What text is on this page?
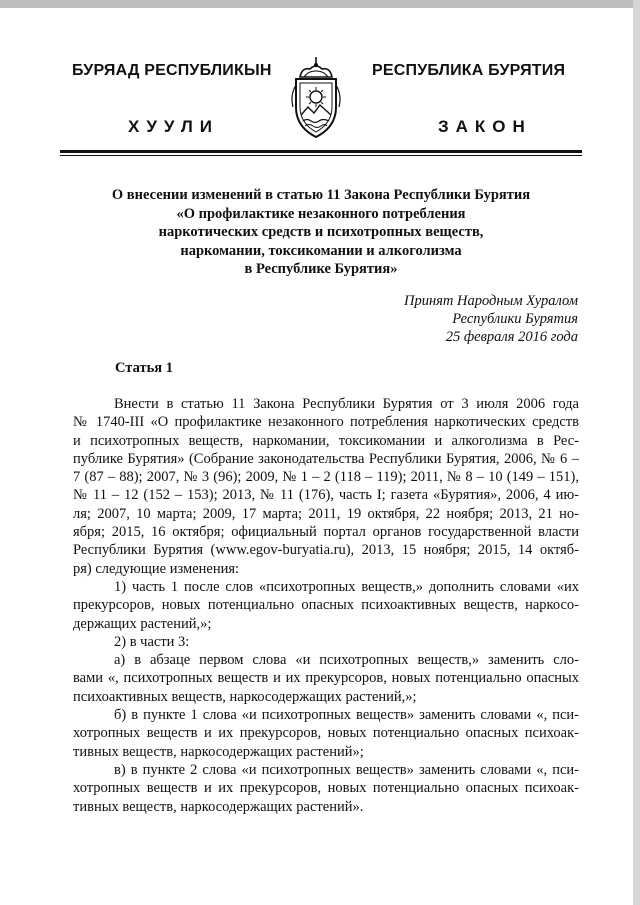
БУРЯАД РЕСПУБЛИКЫН
ХУУЛИ
РЕСПУБЛИКА БУРЯТИЯ
ЗАКОН
О внесении изменений в статью 11 Закона Республики Бурятия
«О профилактике незаконного потребления
наркотических средств и психотропных веществ,
наркомании, токсикомании и алкоголизма
в Республике Бурятия»
Принят Народным Хуралом
Республики Бурятия
25 февраля 2016 года
Статья 1
Внести в статью 11 Закона Республики Бурятия от 3 июля 2006 года
№ 1740-III «О профилактике незаконного потребления наркотических средств
и психотропных веществ, наркомании, токсикомании и алкоголизма в Рес-
публике Бурятия» (Собрание законодательства Республики Бурятия, 2006, № 6 –
7 (87 – 88); 2007, № 3 (96); 2009, № 1 – 2 (118 – 119); 2011, № 8 – 10 (149 – 151),
№ 11 – 12 (152 – 153); 2013, № 11 (176), часть I; газета «Бурятия», 2006, 4 ию-
ля; 2007, 10 марта; 2009, 17 марта; 2011, 19 октября, 22 ноября; 2013, 21 но-
ября; 2015, 16 октября; официальный портал органов государственной власти
Республики Бурятия (www.egov-buryatia.ru), 2013, 15 ноября; 2015, 14 октяб-
ря) следующие изменения:
1) часть 1 после слов «психотропных веществ,» дополнить словами «их
прекурсоров, новых потенциально опасных психоактивных веществ, наркосо-
держащих растений,»;
2) в части 3:
а) в абзаце первом слова «и психотропных веществ,» заменить сло-
вами «, психотропных веществ и их прекурсоров, новых потенциально опасных
психоактивных веществ, наркосодержащих растений,»;
б) в пункте 1 слова «и психотропных веществ» заменить словами «, пси-
хотропных веществ и их прекурсоров, новых потенциально опасных психоак-
тивных веществ, наркосодержащих растений»;
в) в пункте 2 слова «и психотропных веществ» заменить словами «, пси-
хотропных веществ и их прекурсоров, новых потенциально опасных психоак-
тивных веществ, наркосодержащих растений».
